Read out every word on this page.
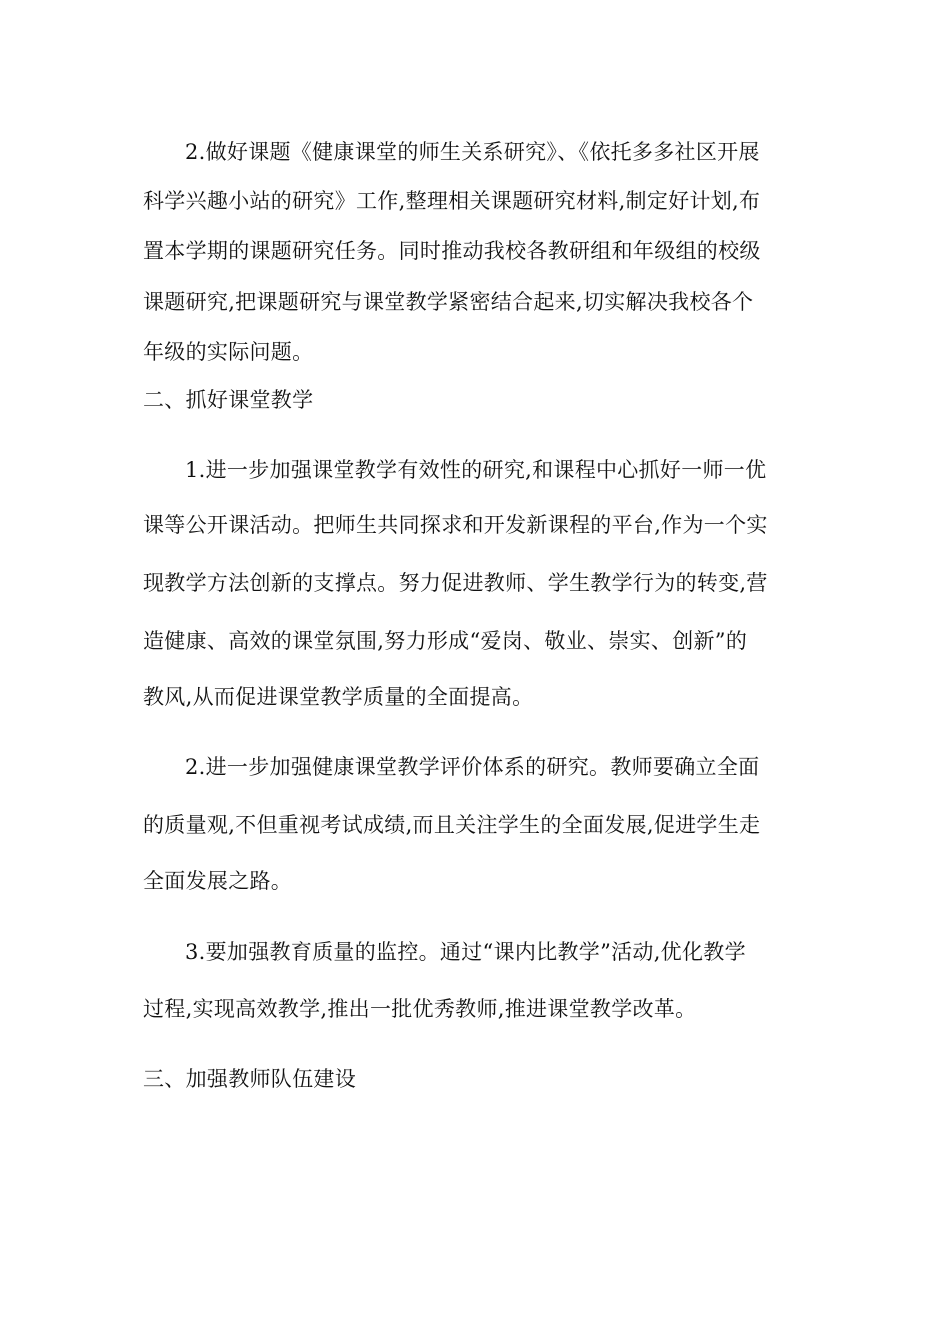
2.做好课题《健康课堂的师生关系研究》、《依托多多社区开展
科学兴趣小站的研究》工作,整理相关课题研究材料,制定好计划,布
置本学期的课题研究任务。同时推动我校各教研组和年级组的校级
课题研究,把课题研究与课堂教学紧密结合起来,切实解决我校各个
年级的实际问题。
二、抓好课堂教学
1.进一步加强课堂教学有效性的研究,和课程中心抓好一师一优
课等公开课活动。把师生共同探求和开发新课程的平台,作为一个实
现教学方法创新的支撑点。努力促进教师、学生教学行为的转变,营
造健康、高效的课堂氛围,努力形成“爱岗、敬业、崇实、创新”的
教风,从而促进课堂教学质量的全面提高。
2.进一步加强健康课堂教学评价体系的研究。教师要确立全面
的质量观,不但重视考试成绩,而且关注学生的全面发展,促进学生走
全面发展之路。
3.要加强教育质量的监控。通过“课内比教学”活动,优化教学
过程,实现高效教学,推出一批优秀教师,推进课堂教学改革。
三、加强教师队伍建设
